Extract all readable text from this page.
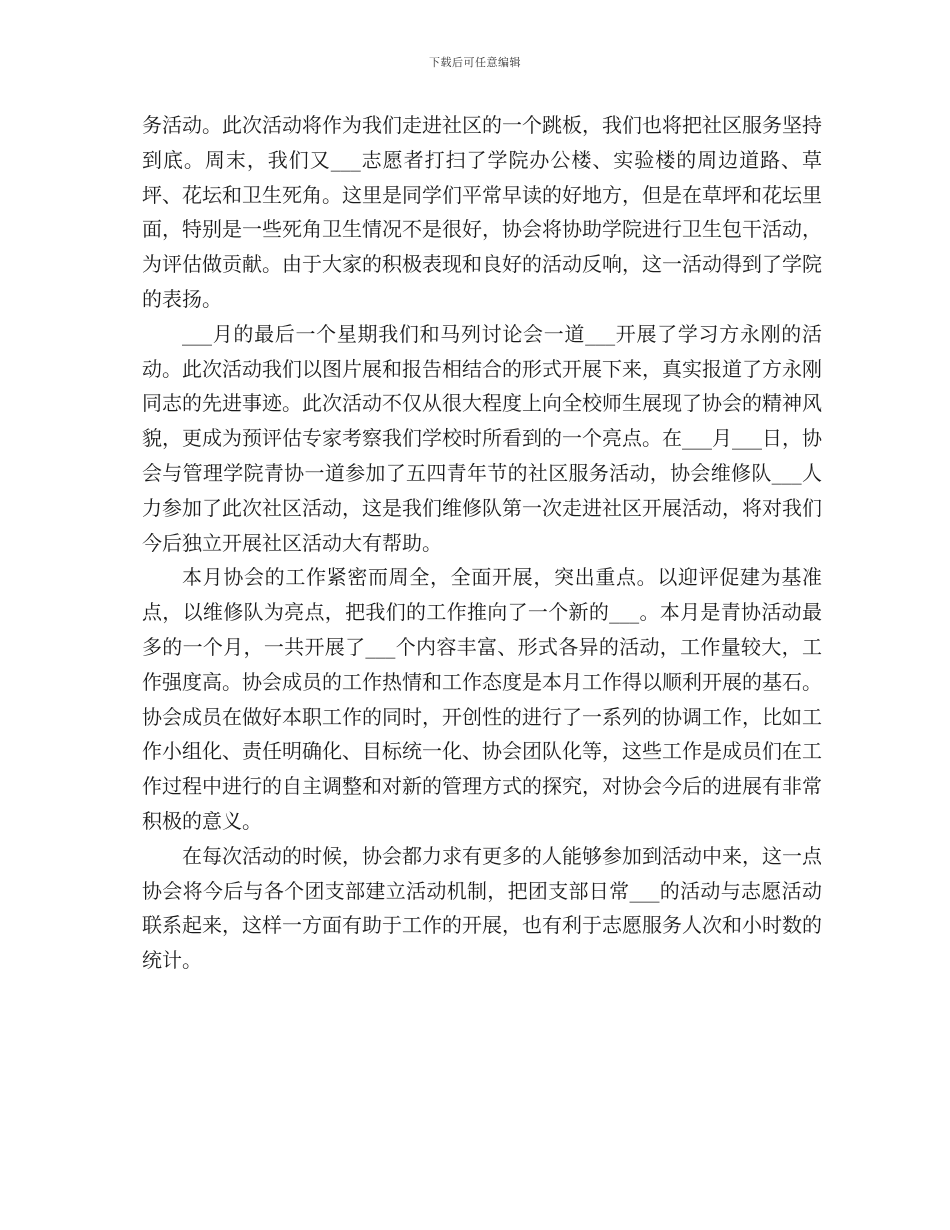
下载后可任意编辑

务活动。此次活动将作为我们走进社区的一个跳板，我们也将把社区服务坚持到底。周末，我们又___志愿者打扫了学院办公楼、实验楼的周边道路、草坪、花坛和卫生死角。这里是同学们平常早读的好地方，但是在草坪和花坛里面，特别是一些死角卫生情况不是很好，协会将协助学院进行卫生包干活动，为评估做贡献。由于大家的积极表现和良好的活动反响，这一活动得到了学院的表扬。

___月的最后一个星期我们和马列讨论会一道___开展了学习方永刚的活动。此次活动我们以图片展和报告相结合的形式开展下来，真实报道了方永刚同志的先进事迹。此次活动不仅从很大程度上向全校师生展现了协会的精神风貌，更成为预评估专家考察我们学校时所看到的一个亮点。在___月___日，协会与管理学院青协一道参加了五四青年节的社区服务活动，协会维修队___人力参加了此次社区活动，这是我们维修队第一次走进社区开展活动，将对我们今后独立开展社区活动大有帮助。

本月协会的工作紧密而周全，全面开展，突出重点。以迎评促建为基准点，以维修队为亮点，把我们的工作推向了一个新的___。本月是青协活动最多的一个月，一共开展了___个内容丰富、形式各异的活动，工作量较大，工作强度高。协会成员的工作热情和工作态度是本月工作得以顺利开展的基石。协会成员在做好本职工作的同时，开创性的进行了一系列的协调工作，比如工作小组化、责任明确化、目标统一化、协会团队化等，这些工作是成员们在工作过程中进行的自主调整和对新的管理方式的探究，对协会今后的进展有非常积极的意义。

在每次活动的时候，协会都力求有更多的人能够参加到活动中来，这一点协会将今后与各个团支部建立活动机制，把团支部日常___的活动与志愿活动联系起来，这样一方面有助于工作的开展，也有利于志愿服务人次和小时数的统计。
